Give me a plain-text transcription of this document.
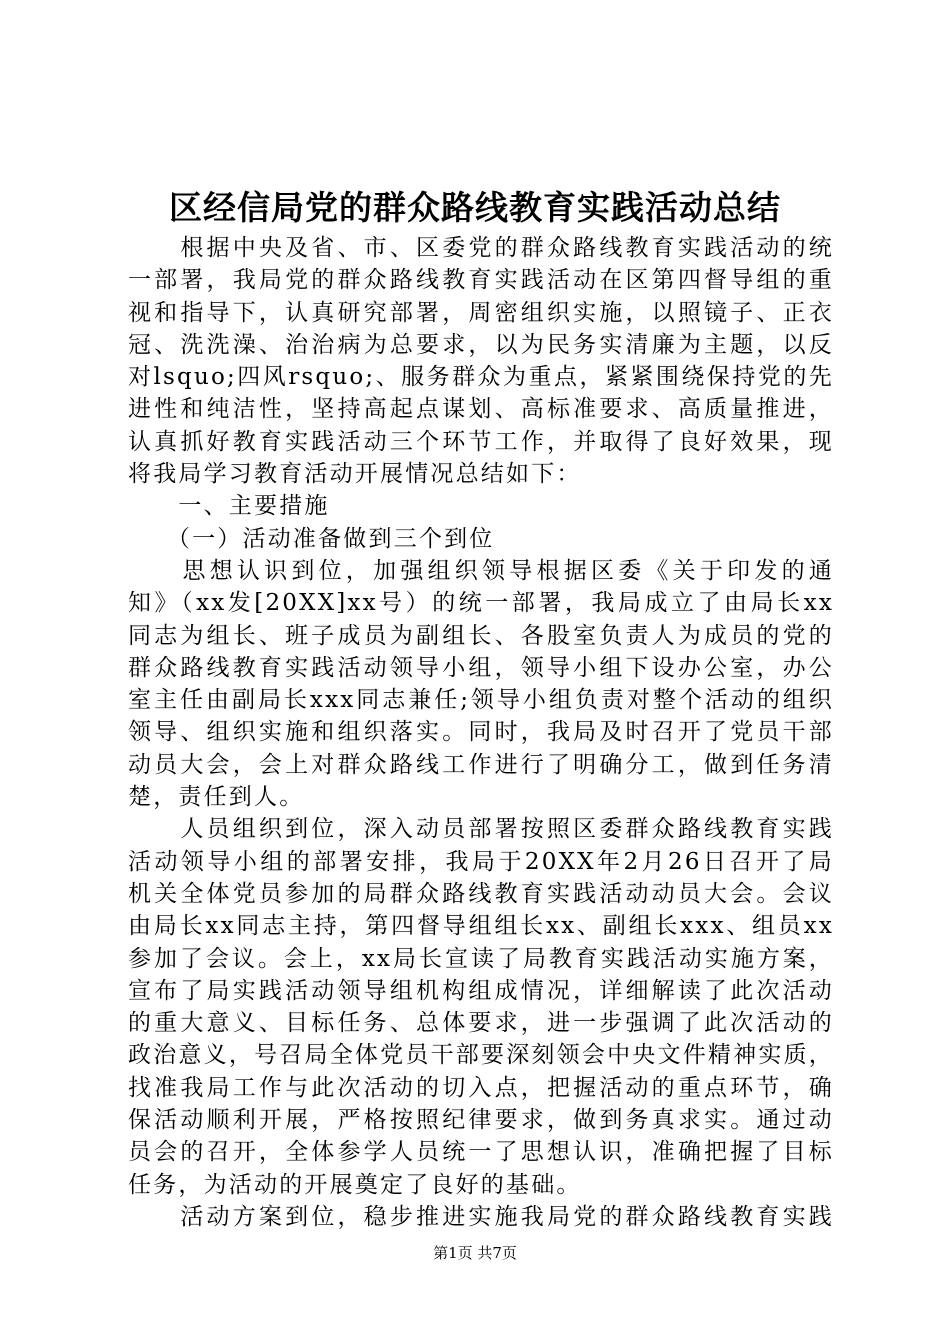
区经信局党的群众路线教育实践活动总结
　　根据中央及省、市、区委党的群众路线教育实践活动的统
一部署，我局党的群众路线教育实践活动在区第四督导组的重
视和指导下，认真研究部署，周密组织实施，以照镜子、正衣
冠、洗洗澡、治治病为总要求，以为民务实清廉为主题，以反
对lsquo;四风rsquo;、服务群众为重点，紧紧围绕保持党的先
进性和纯洁性，坚持高起点谋划、高标准要求、高质量推进，
认真抓好教育实践活动三个环节工作，并取得了良好效果，现
将我局学习教育活动开展情况总结如下：
　　一、主要措施
　　（一）活动准备做到三个到位
　　思想认识到位，加强组织领导根据区委《关于印发的通
知》（xx发[20XX]xx号）的统一部署，我局成立了由局长xx
同志为组长、班子成员为副组长、各股室负责人为成员的党的
群众路线教育实践活动领导小组，领导小组下设办公室，办公
室主任由副局长xxx同志兼任;领导小组负责对整个活动的组织
领导、组织实施和组织落实。同时，我局及时召开了党员干部
动员大会，会上对群众路线工作进行了明确分工，做到任务清
楚，责任到人。
　　人员组织到位，深入动员部署按照区委群众路线教育实践
活动领导小组的部署安排，我局于20XX年2月26日召开了局
机关全体党员参加的局群众路线教育实践活动动员大会。会议
由局长xx同志主持，第四督导组组长xx、副组长xxx、组员xx
参加了会议。会上，xx局长宣读了局教育实践活动实施方案，
宣布了局实践活动领导组机构组成情况，详细解读了此次活动
的重大意义、目标任务、总体要求，进一步强调了此次活动的
政治意义，号召局全体党员干部要深刻领会中央文件精神实质，
找准我局工作与此次活动的切入点，把握活动的重点环节，确
保活动顺利开展，严格按照纪律要求，做到务真求实。通过动
员会的召开，全体参学人员统一了思想认识，准确把握了目标
任务，为活动的开展奠定了良好的基础。
　　活动方案到位，稳步推进实施我局党的群众路线教育实践
第1页 共7页
